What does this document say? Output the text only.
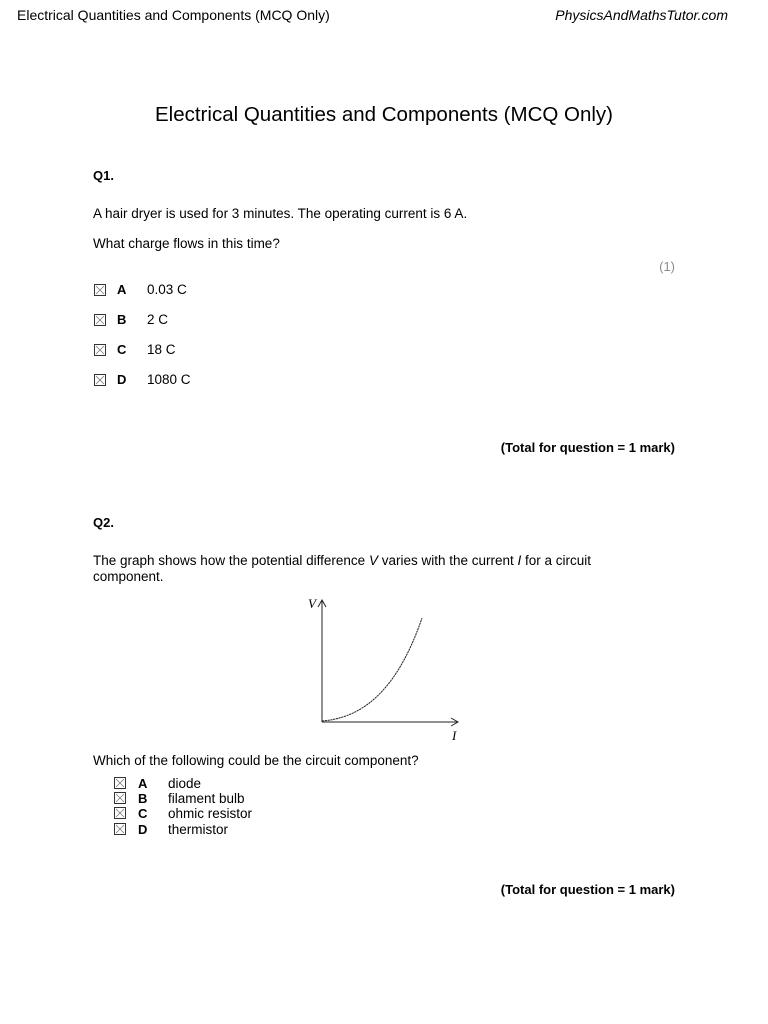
Electrical Quantities and Components (MCQ Only)	PhysicsAndMathsTutor.com
Electrical Quantities and Components (MCQ Only)
Q1.
A hair dryer is used for 3 minutes. The operating current is 6 A.
What charge flows in this time?
(1)
A 0.03 C
B 2 C
C 18 C
D 1080 C
(Total for question = 1 mark)
Q2.
The graph shows how the potential difference V varies with the current I for a circuit
component.
V
I
Which of the following could be the circuit component?
A diode
B filament bulb
C ohmic resistor
D thermistor
(Total for question = 1 mark)
